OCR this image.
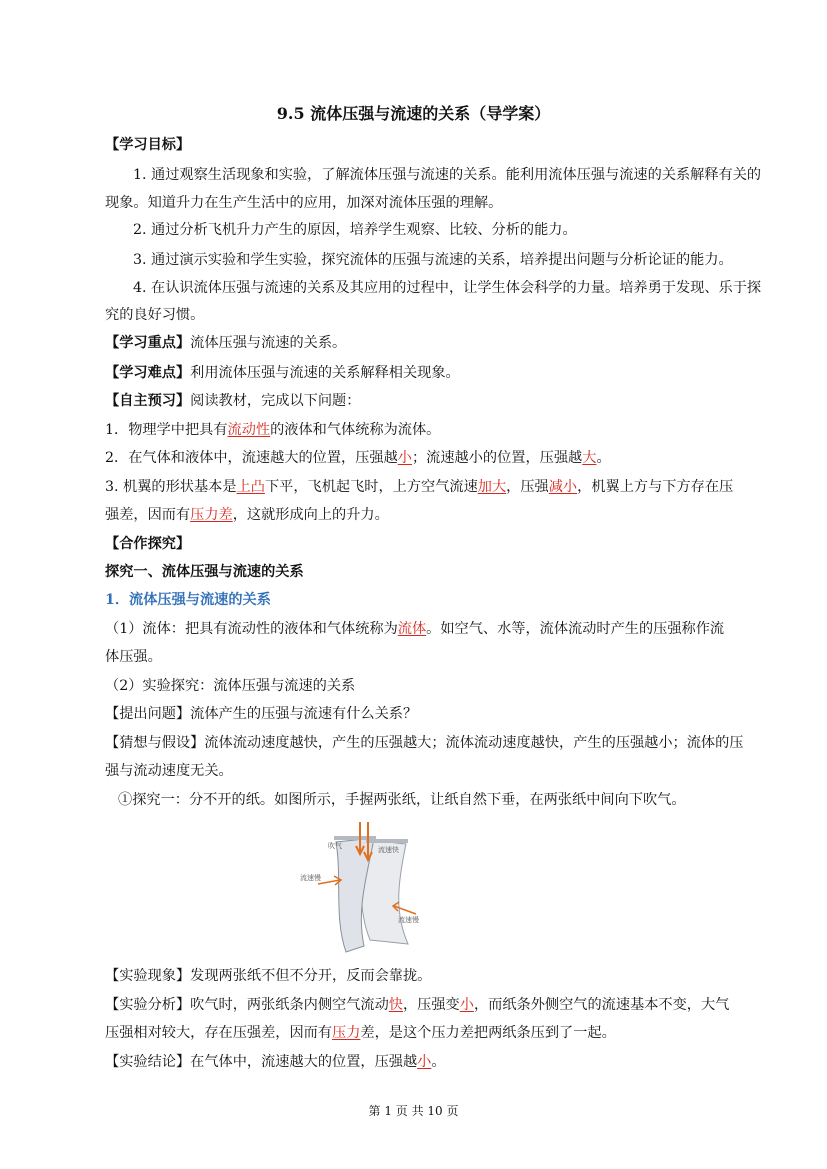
9.5 流体压强与流速的关系（导学案）
【学习目标】
1. 通过观察生活现象和实验，了解流体压强与流速的关系。能利用流体压强与流速的关系解释有关的
现象。知道升力在生产生活中的应用，加深对流体压强的理解。
2. 通过分析飞机升力产生的原因，培养学生观察、比较、分析的能力。
3. 通过演示实验和学生实验，探究流体的压强与流速的关系，培养提出问题与分析论证的能力。
4. 在认识流体压强与流速的关系及其应用的过程中，让学生体会科学的力量。培养勇于发现、乐于探
究的良好习惯。
【学习重点】流体压强与流速的关系。
【学习难点】利用流体压强与流速的关系解释相关现象。
【自主预习】阅读教材，完成以下问题：
1．物理学中把具有流动性的液体和气体统称为流体。
2．在气体和液体中，流速越大的位置，压强越小；流速越小的位置，压强越大。
3. 机翼的形状基本是上凸下平，飞机起飞时，上方空气流速加大，压强减小，机翼上方与下方存在压
强差，因而有压力差，这就形成向上的升力。
【合作探究】
探究一、流体压强与流速的关系
1．流体压强与流速的关系
（1）流体：把具有流动性的液体和气体统称为流体。如空气、水等，流体流动时产生的压强称作流
体压强。
（2）实验探究：流体压强与流速的关系
【提出问题】流体产生的压强与流速有什么关系？
【猜想与假设】流体流动速度越快，产生的压强越大；流体流动速度越快，产生的压强越小；流体的压
强与流动速度无关。
①探究一：分不开的纸。如图所示，手握两张纸，让纸自然下垂，在两张纸中间向下吹气。
吹气	流速快
流速慢
流速慢
【实验现象】发现两张纸不但不分开，反而会靠拢。
【实验分析】吹气时，两张纸条内侧空气流动快，压强变小，而纸条外侧空气的流速基本不变，大气
压强相对较大，存在压强差，因而有压力差，是这个压力差把两纸条压到了一起。
【实验结论】在气体中，流速越大的位置，压强越小。
第 1 页 共 10 页
